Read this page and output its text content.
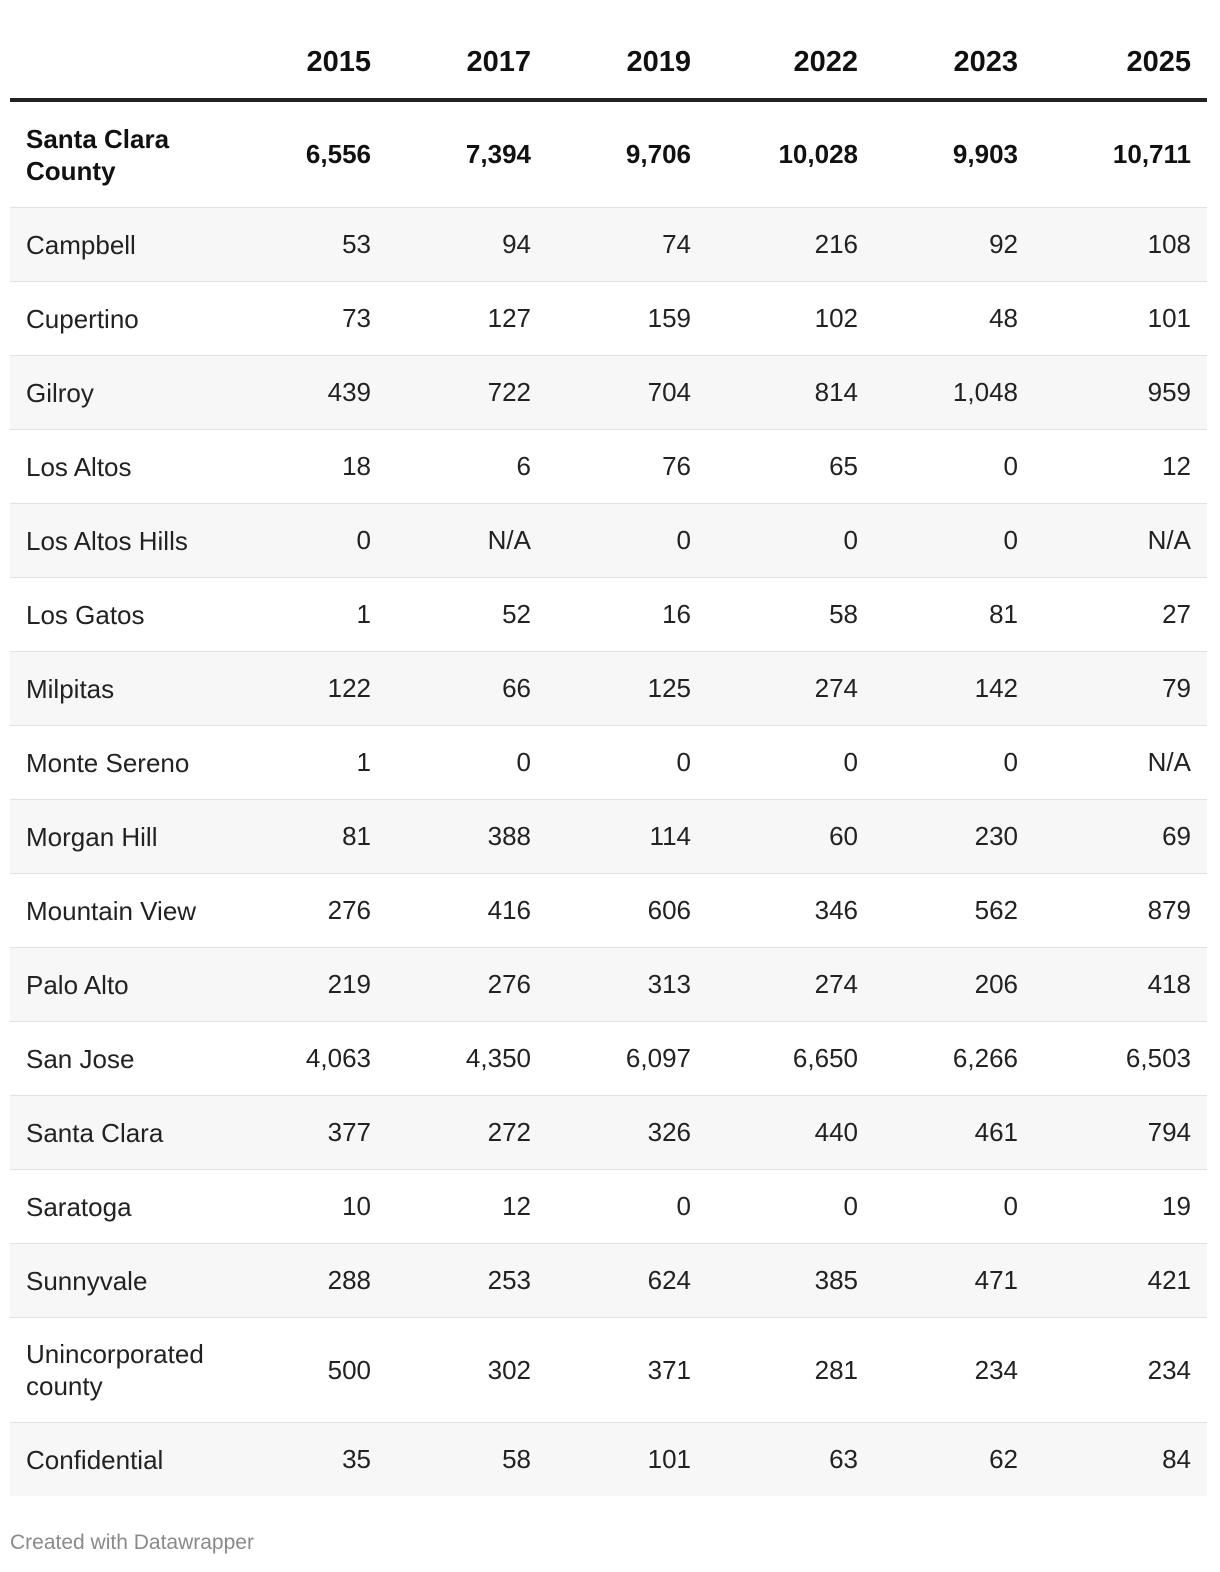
	2015	2017	2019	2022	2023	2025
Santa Clara County	6,556	7,394	9,706	10,028	9,903	10,711
Campbell	53	94	74	216	92	108
Cupertino	73	127	159	102	48	101
Gilroy	439	722	704	814	1,048	959
Los Altos	18	6	76	65	0	12
Los Altos Hills	0	N/A	0	0	0	N/A
Los Gatos	1	52	16	58	81	27
Milpitas	122	66	125	274	142	79
Monte Sereno	1	0	0	0	0	N/A
Morgan Hill	81	388	114	60	230	69
Mountain View	276	416	606	346	562	879
Palo Alto	219	276	313	274	206	418
San Jose	4,063	4,350	6,097	6,650	6,266	6,503
Santa Clara	377	272	326	440	461	794
Saratoga	10	12	0	0	0	19
Sunnyvale	288	253	624	385	471	421
Unincorporated county	500	302	371	281	234	234
Confidential	35	58	101	63	62	84
Created with Datawrapper
